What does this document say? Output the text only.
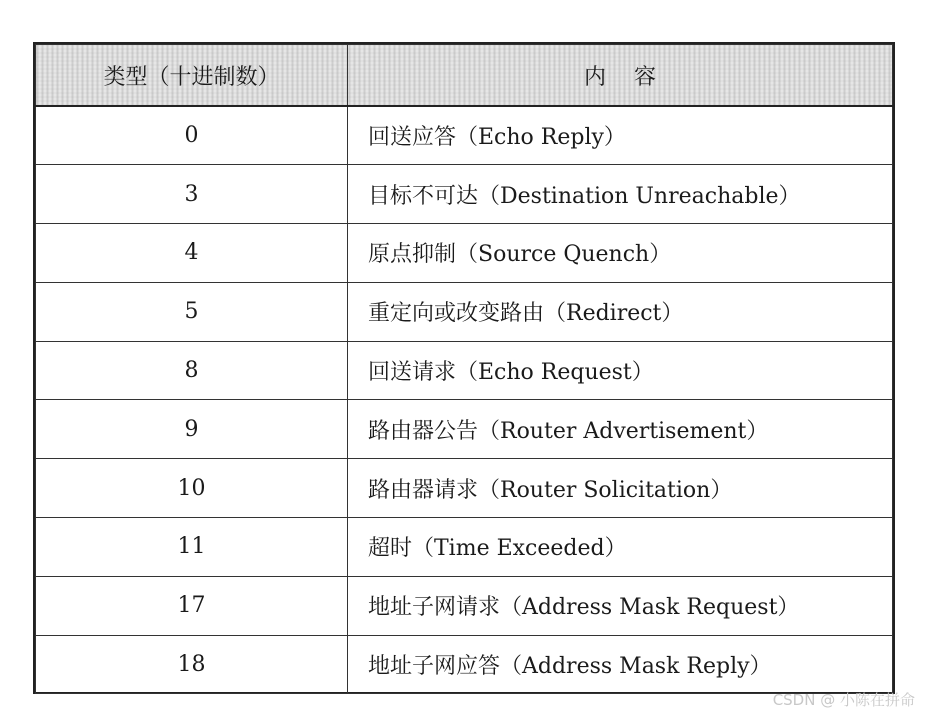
类型（十进制数）	内容
0	回送应答（Echo Reply）
3	目标不可达（Destination Unreachable）
4	原点抑制（Source Quench）
5	重定向或改变路由（Redirect）
8	回送请求（Echo Request）
9	路由器公告（Router Advertisement）
10	路由器请求（Router Solicitation）
11	超时（Time Exceeded）
17	地址子网请求（Address Mask Request）
18	地址子网应答（Address Mask Reply）
CSDN @ 小陈在拼命
